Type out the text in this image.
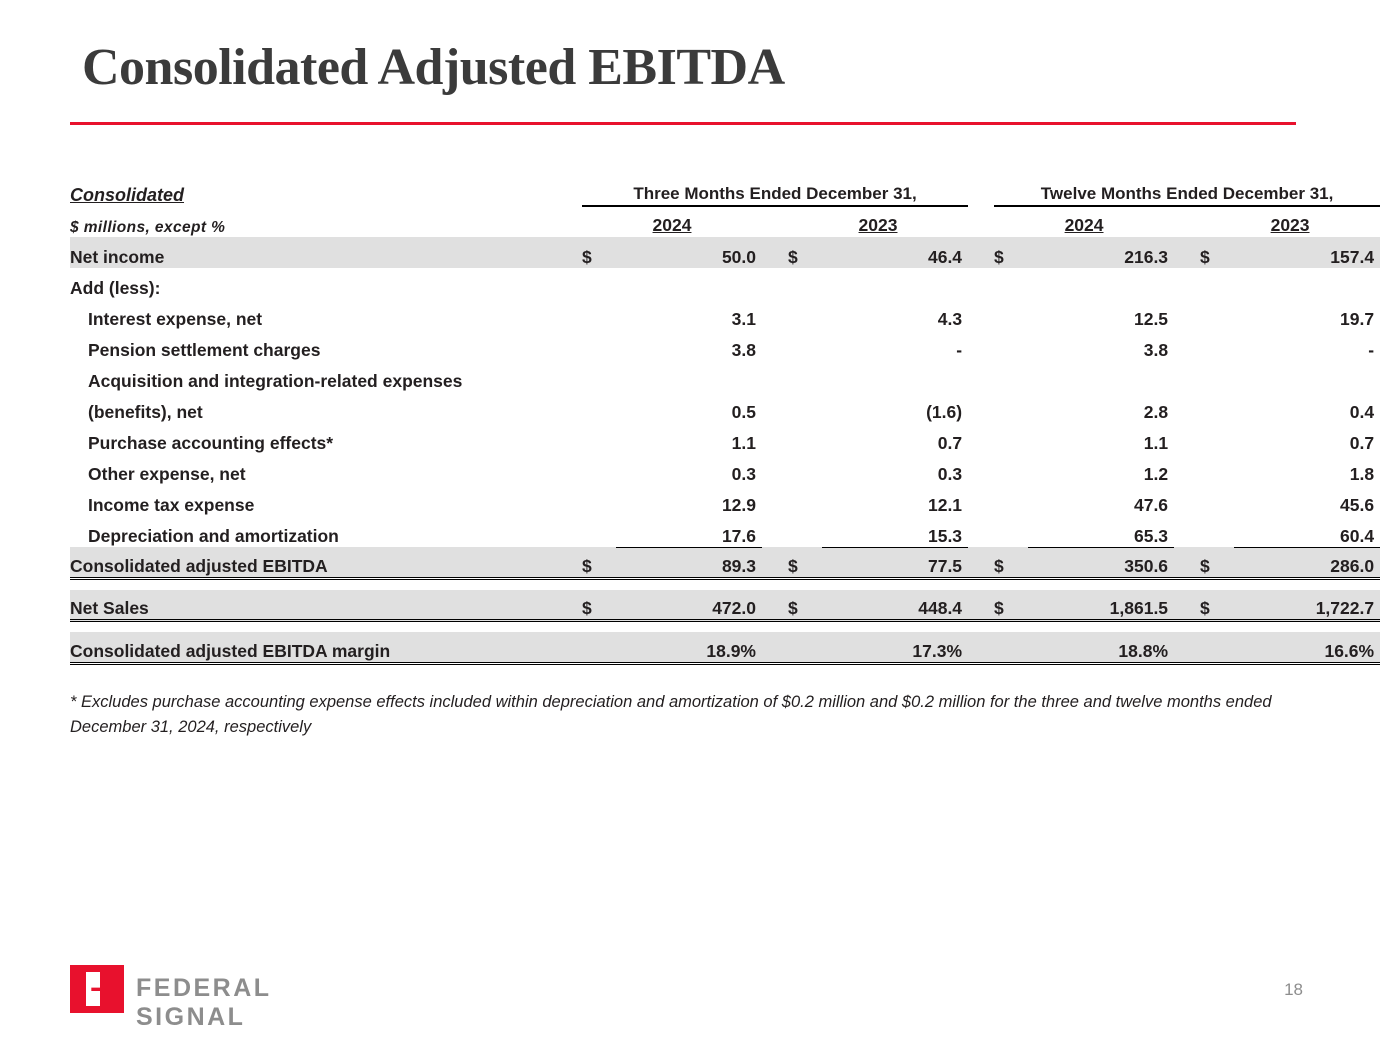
Consolidated Adjusted EBITDA
Consolidated	Three Months Ended December 31,						Twelve Months Ended December 31,				
$ millions, except %	2024			2023			2024			2023	
Net income	$	50.0		$	46.4		$	216.3		$	157.4
Add (less):											
Interest expense, net		3.1			4.3			12.5			19.7
Pension settlement charges		3.8			-			3.8			-
Acquisition and integration-related expenses											
(benefits), net		0.5			(1.6)			2.8			0.4
Purchase accounting effects*		1.1			0.7			1.1			0.7
Other expense, net		0.3			0.3			1.2			1.8
Income tax expense		12.9			12.1			47.6			45.6
Depreciation and amortization		17.6			15.3			65.3			60.4
Consolidated adjusted EBITDA	$	89.3		$	77.5		$	350.6		$	286.0

Net Sales	$	472.0		$	448.4		$	1,861.5		$	1,722.7

Consolidated adjusted EBITDA margin		18.9%			17.3%			18.8%			16.6%
* Excludes purchase accounting expense effects included within depreciation and amortization of $0.2 million and $0.2 million for the three and twelve months ended December 31, 2024, respectively
FEDERAL SIGNAL
18
